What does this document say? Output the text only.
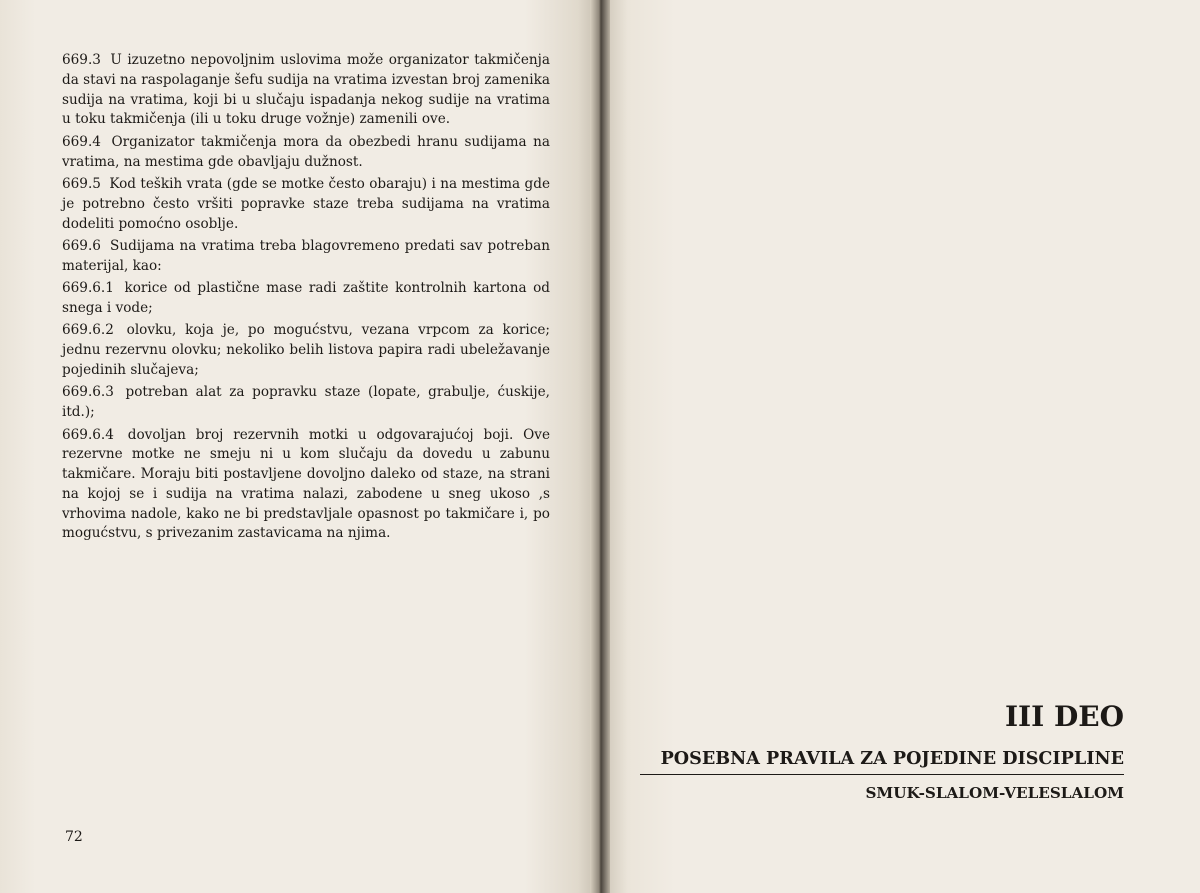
669.3 U izuzetno nepovoljnim uslovima može organizator takmičenja da stavi na raspolaganje šefu sudija na vratima izvestan broj zamenika sudija na vratima, koji bi u slučaju ispadanja nekog sudije na vratima u toku takmičenja (ili u toku druge vožnje) zamenili ove.

669.4 Organizator takmičenja mora da obezbedi hranu sudijama na vratima, na mestima gde obavljaju dužnost.

669.5 Kod teških vrata (gde se motke često obaraju) i na mestima gde je potrebno često vršiti popravke staze treba sudijama na vratima dodeliti pomoćno osoblje.

669.6 Sudijama na vratima treba blagovremeno predati sav potreban materijal, kao:

669.6.1 korice od plastične mase radi zaštite kontrolnih kartona od snega i vode;

669.6.2 olovku, koja je, po mogućstvu, vezana vrpcom za korice; jednu rezervnu olovku; nekoliko belih listova papira radi ubeležavanje pojedinih slučajeva;

669.6.3 potreban alat za popravku staze (lopate, grabulje, ćuskije, itd.);

669.6.4 dovoljan broj rezervnih motki u odgovarajućoj boji. Ove rezervne motke ne smeju ni u kom slučaju da dovedu u zabunu takmičare. Moraju biti postavljene dovoljno daleko od staze, na strani na kojoj se i sudija na vratima nalazi, zabodene u sneg ukoso ,s vrhovima nadole, kako ne bi predstavljale opasnost po takmičare i, po mogućstvu, s privezanim zastavicama na njima.

72
III DEO
POSEBNA PRAVILA ZA POJEDINE DISCIPLINE
SMUK-SLALOM-VELESLALOM
